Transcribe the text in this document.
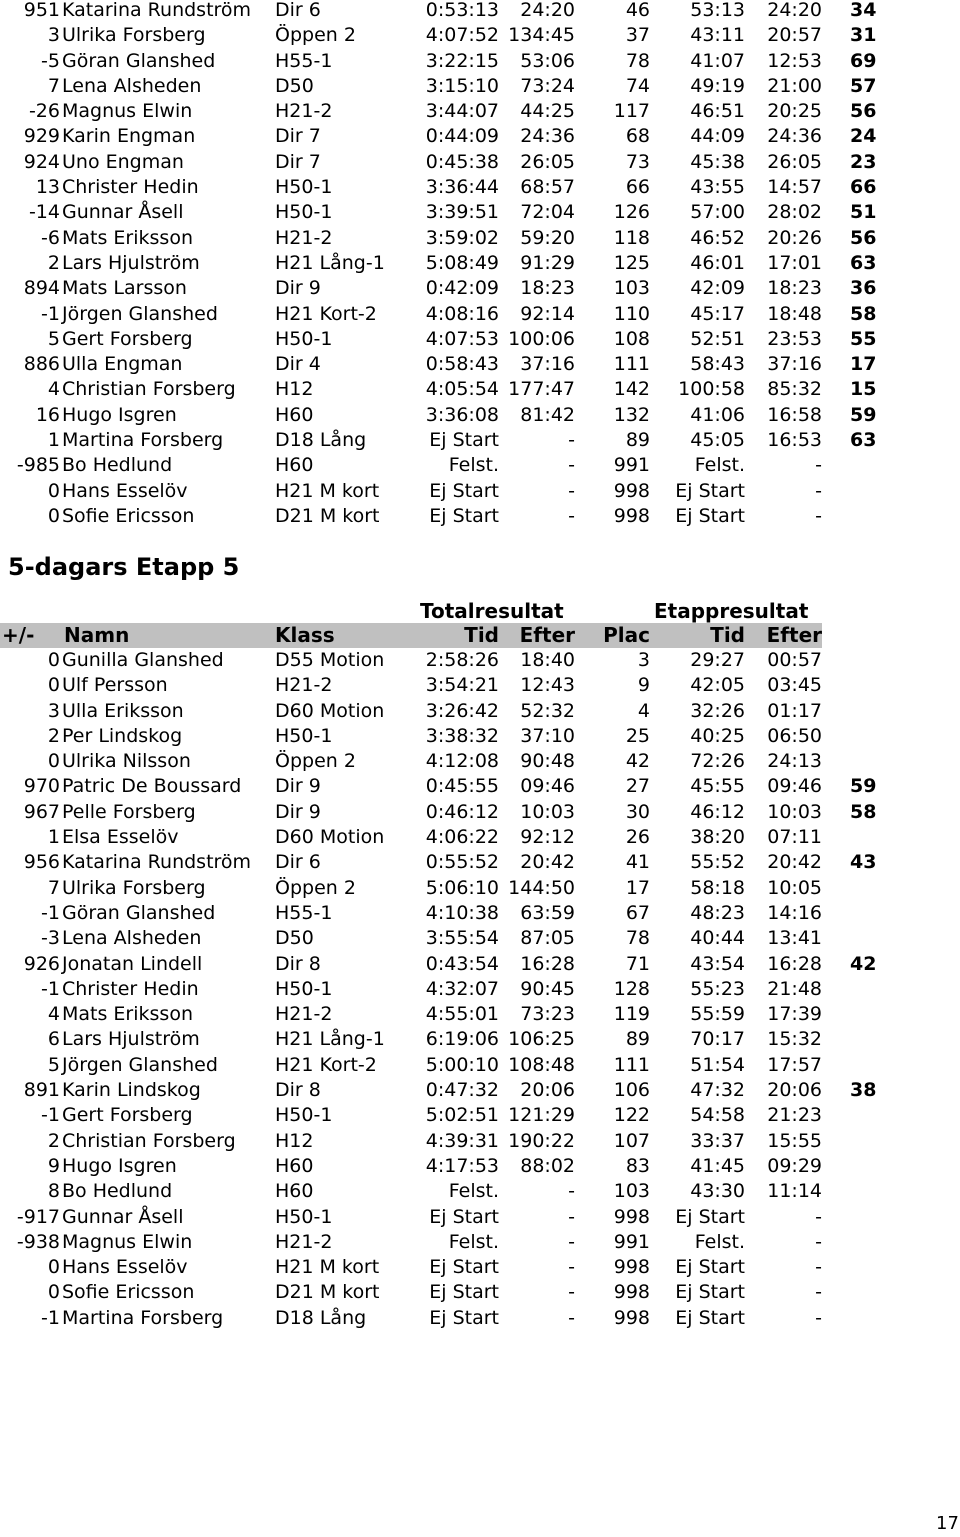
951 Katarina Rundström	Dir 6	0:53:13	24:20	46	53:13	24:20 34
3 Ulrika Forsberg	Öppen 2	4:07:52 134:45	37	43:11	20:57 31
-5 Göran Glanshed	H55-1	3:22:15	53:06	78	41:07	12:53 69
7 Lena Alsheden	D50	3:15:10	73:24	74	49:19	21:00 57
-26 Magnus Elwin	H21-2	3:44:07	44:25	117	46:51	20:25 56
929 Karin Engman	Dir 7	0:44:09	24:36	68	44:09	24:36 24
924 Uno Engman	Dir 7	0:45:38	26:05	73	45:38	26:05 23
13 Christer Hedin	H50-1	3:36:44	68:57	66	43:55	14:57 66
-14 Gunnar Åsell	H50-1	3:39:51	72:04	126	57:00	28:02 51
-6 Mats Eriksson	H21-2	3:59:02	59:20	118	46:52	20:26 56
2 Lars Hjulström	H21 Lång-1	5:08:49	91:29	125	46:01	17:01 63
894 Mats Larsson	Dir 9	0:42:09	18:23	103	42:09	18:23 36
-1 Jörgen Glanshed	H21 Kort-2	4:08:16	92:14	110	45:17	18:48 58
5 Gert Forsberg	H50-1	4:07:53 100:06	108	52:51	23:53 55
886 Ulla Engman	Dir 4	0:58:43	37:16	111	58:43	37:16 17
4 Christian Forsberg	H12	4:05:54 177:47	142	100:58	85:32 15
16 Hugo Isgren	H60	3:36:08	81:42	132	41:06	16:58 59
1 Martina Forsberg	D18 Lång	Ej Start	-	89	45:05	16:53 63
-985 Bo Hedlund	H60	Felst.	-	991	Felst.	-
0 Hans Esselöv	H21 M kort	Ej Start	-	998	Ej Start	-
0 Sofie Ericsson	D21 M kort	Ej Start	-	998	Ej Start	-
5-dagars Etapp 5
Totalresultat	Etappresultat
+/-	Namn	Klass	Tid	Efter	Plac	Tid	Efter
0 Gunilla Glanshed	D55 Motion	2:58:26	18:40	3	29:27	00:57
0 Ulf Persson	H21-2	3:54:21	12:43	9	42:05	03:45
3 Ulla Eriksson	D60 Motion	3:26:42	52:32	4	32:26	01:17
2 Per Lindskog	H50-1	3:38:32	37:10	25	40:25	06:50
0 Ulrika Nilsson	Öppen 2	4:12:08	90:48	42	72:26	24:13
970 Patric De Boussard	Dir 9	0:45:55	09:46	27	45:55	09:46 59
967 Pelle Forsberg	Dir 9	0:46:12	10:03	30	46:12	10:03 58
1 Elsa Esselöv	D60 Motion	4:06:22	92:12	26	38:20	07:11
956 Katarina Rundström	Dir 6	0:55:52	20:42	41	55:52	20:42 43
7 Ulrika Forsberg	Öppen 2	5:06:10 144:50	17	58:18	10:05
-1 Göran Glanshed	H55-1	4:10:38	63:59	67	48:23	14:16
-3 Lena Alsheden	D50	3:55:54	87:05	78	40:44	13:41
926 Jonatan Lindell	Dir 8	0:43:54	16:28	71	43:54	16:28 42
-1 Christer Hedin	H50-1	4:32:07	90:45	128	55:23	21:48
4 Mats Eriksson	H21-2	4:55:01	73:23	119	55:59	17:39
6 Lars Hjulström	H21 Lång-1	6:19:06 106:25	89	70:17	15:32
5 Jörgen Glanshed	H21 Kort-2	5:00:10 108:48	111	51:54	17:57
891 Karin Lindskog	Dir 8	0:47:32	20:06	106	47:32	20:06 38
-1 Gert Forsberg	H50-1	5:02:51 121:29	122	54:58	21:23
2 Christian Forsberg	H12	4:39:31 190:22	107	33:37	15:55
9 Hugo Isgren	H60	4:17:53	88:02	83	41:45	09:29
8 Bo Hedlund	H60	Felst.	-	103	43:30	11:14
-917 Gunnar Åsell	H50-1	Ej Start	-	998	Ej Start	-
-938 Magnus Elwin	H21-2	Felst.	-	991	Felst.	-
0 Hans Esselöv	H21 M kort	Ej Start	-	998	Ej Start	-
0 Sofie Ericsson	D21 M kort	Ej Start	-	998	Ej Start	-
-1 Martina Forsberg	D18 Lång	Ej Start	-	998	Ej Start	-
17
